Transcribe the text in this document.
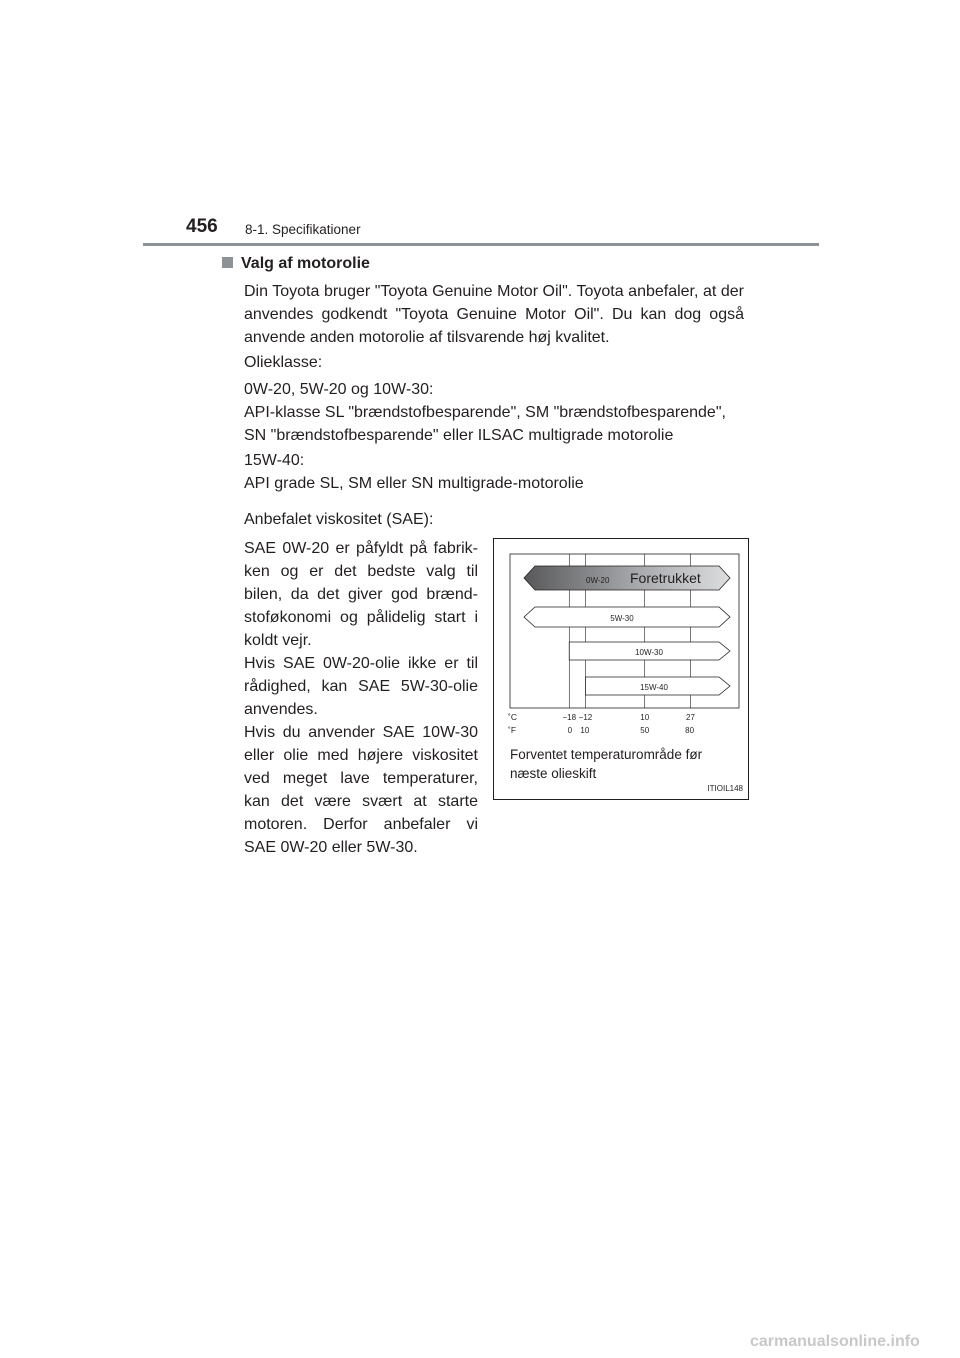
456 8-1. Specifikationer
Valg af motorolie
Din Toyota bruger "Toyota Genuine Motor Oil". Toyota anbefaler, at der anvendes godkendt "Toyota Genuine Motor Oil". Du kan dog også anvende anden motorolie af tilsvarende høj kvalitet.
Olieklasse:
0W-20, 5W-20 og 10W-30:
API-klasse SL "brændstofbesparende", SM "brændstofbesparende", SN "brændstofbesparende" eller ILSAC multigrade motorolie
15W-40:
API grade SL, SM eller SN multigrade-motorolie
Anbefalet viskositet (SAE):
SAE 0W-20 er påfyldt på fabrik-ken og er det bedste valg til bilen, da det giver god brænd-stoføkonomi og pålidelig start i koldt vejr.
Hvis SAE 0W-20-olie ikke er til rådighed, kan SAE 5W-30-olie anvendes.
Hvis du anvender SAE 10W-30 eller olie med højere viskositet ved meget lave temperaturer, kan det være svært at starte motoren. Derfor anbefaler vi SAE 0W-20 eller 5W-30.
−18 −12	10	27
0 10	50	80
0W-20 Foretrukket
5W-30
10W-30
15W-40
˚C
˚F
Forventet temperaturområde før næste olieskift
ITIOIL148
carmanualsonline.info
